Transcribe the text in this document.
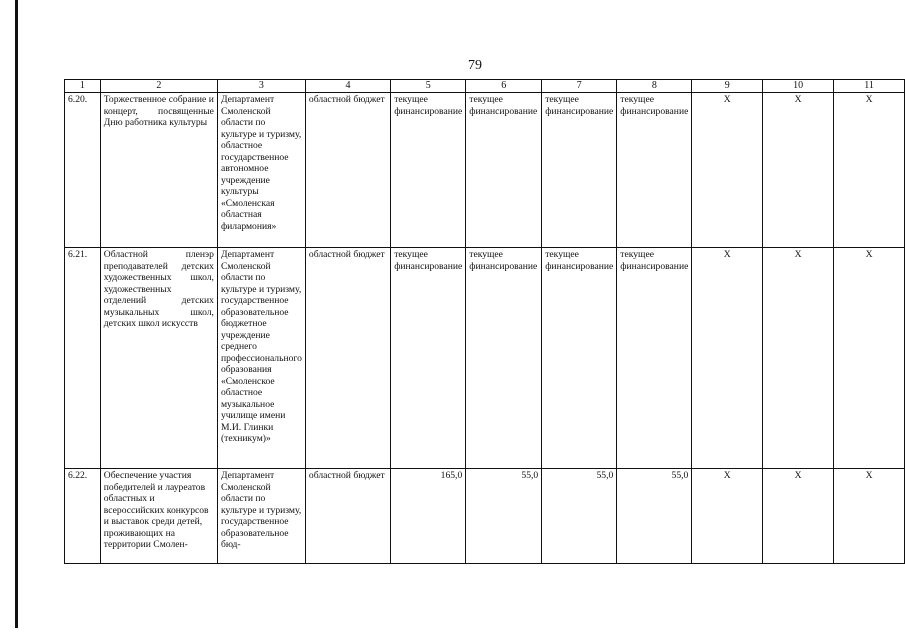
79
1	2	3	4	5	6	7	8	9	10	11
6.20.	Торжественное собрание и концерт, посвященные Дню работника культуры	Департамент Смоленской области по культуре и туризму, областное государственное автономное учреждение культуры «Смоленская областная филармония»	областной бюджет	текущее финансирование	текущее финансирование	текущее финансирование	текущее финансирование	X	X	X
6.21.	Областной пленэр преподавателей детских художественных школ, художественных отделений детских музыкальных школ, детских школ искусств	Департамент Смоленской области по культуре и туризму, государственное образовательное бюджетное учреждение среднего профессионального образования «Смоленское областное музыкальное училище имени М.И. Глинки (техникум)»	областной бюджет	текущее финансирование	текущее финансирование	текущее финансирование	текущее финансирование	X	X	X
6.22.	Обеспечение участия победителей и лауреатов областных и всероссийских конкурсов и выставок среди детей, проживающих на территории Смолен-	Департамент Смоленской области по культуре и туризму, государственное образовательное бюд-	областной бюджет	165,0	55,0	55,0	55,0	X	X	X
